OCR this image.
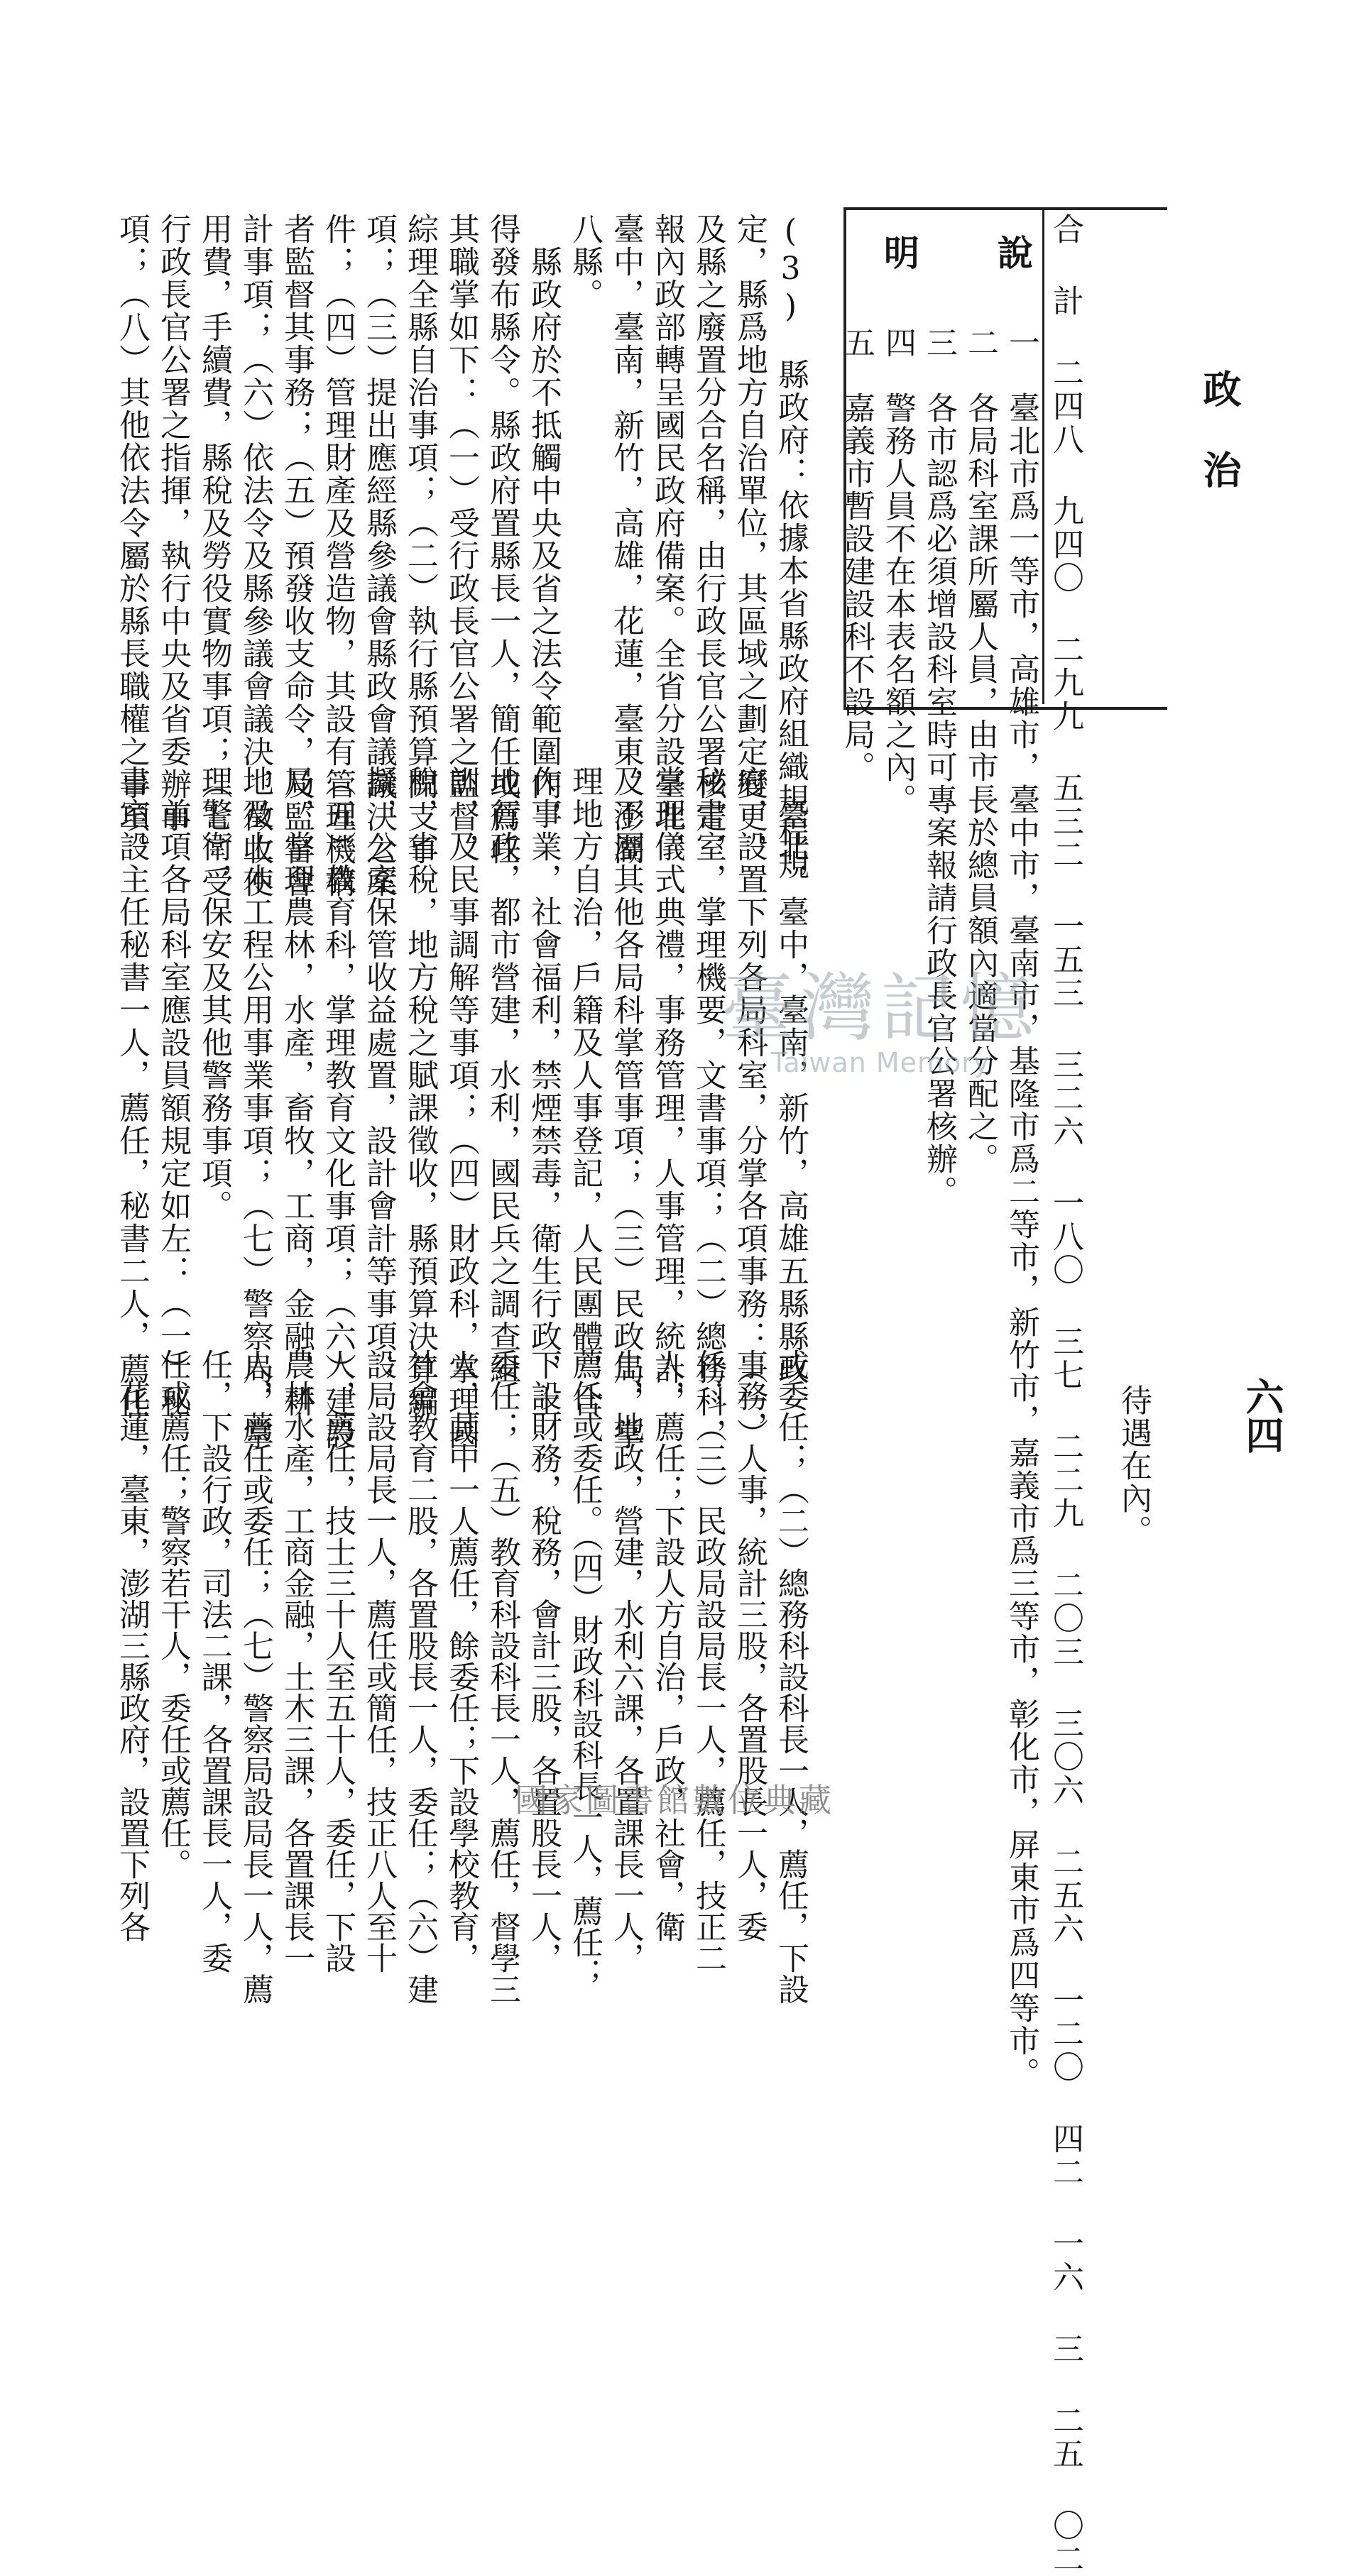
政治

六四

合 計 二四八 九四〇 二九九 五三二 一五三 三二六 一八〇 三七 二二九 二〇三 三〇六 二五六 一二〇 四二 一六 三 二五 〇二 待遇在內。

說

明

一　臺北市爲一等市，高雄市，臺中市，臺南市，基隆市爲二等市，新竹市，嘉義市爲三等市，彰化市，屏東市爲四等市。

二　各局科室課所屬人員，由市長於總員額內適當分配之。

三　各市認爲必須增設科室時可專案報請行政長官公署核辦。

四　警務人員不在本表名額之內。

五　嘉義市暫設建設科不設局。

(3)　縣政府：依據本省縣政府組織規程規

定，縣爲地方自治單位，其區域之劃定變更，

及縣之廢置分合名稱，由行政長官公署核定，

報內政部轉呈國民政府備案。全省分設臺北，

臺中，臺南，新竹，高雄，花蓮，臺東，澎湖

八縣。

　縣政府於不抵觸中央及省之法令範圍內，

得發布縣令。縣政府置縣長一人，簡任或薦任

其職掌如下：（一）受行政長官公署之監督，

綜理全縣自治事項；（二）執行縣預算開支事

項；（三）提出應經縣參議會縣政會議議決之案

件；（四）管理財產及營造物，其設有管理機構

者監督其事務；（五）預發收支命令，及監督會

計事項；（六）依法令及縣參議會議決，徵收使

用費，手續費，縣稅及勞役實物事項；（七）受

行政長官公署之指揮，執行中央及省委辦事

項；（八）其他依法令屬於縣長職權之事項。

　臺北，臺中，臺南，新竹，高雄五縣縣政

府，設置下列各局科室，分掌各項事務：（一）

秘書室，掌理機要，文書事項；（二）總務科，

掌理儀式典禮，事務管理，人事管理，統計，

及不屬其他各局科掌管事項；（三）民政局，掌

理地方自治，戶籍及人事登記，人民團體，合

作事業，社會福利，禁煙禁毒，衛生行政，土

地行政，都市營建，水利，國民兵之調查組

訓，及民事調解等事項；（四）財政科，掌理國

稅，省稅，地方稅之賦課徵收，縣預算決算編

擬，公產保管收益處置，設計會計等事項；

（五）教育科，掌理教育文化事項；（六）建設

局，掌理農林，水產，畜牧，工商，金融，耕

地及土木工程公用事業事項；（七）警察局，掌

理警衛，保安及其他警務事項。

　前項各局科室應設員額規定如左：（一）秘

書室設主任秘書一人，薦任，秘書二人，薦任

或委任；（二）總務科設科長一人，薦任，下設

事務，人事，統計三股，各置股長一人，委

任；（三）民政局設局長一人，薦任，技正二

人，薦任；下設人方自治，戶政，社會，衛

生，地政，營建，水利六課，各置課長一人，

薦任或委任。（四）財政科設科長一人，薦任；

下設財務，稅務，會計三股，各置股長一人，

委任；（五）教育科設科長一人，薦任，督學三

人，其中一人薦任，餘委任；下設學校教育，

社會教育二股，各置股長一人，委任；（六）建

設局設局長一人，薦任或簡任，技正八人至十

人，薦任，技士三十人至五十人，委任，下設

農林水產，工商金融，土木三課，各置課長一

人，薦任或委任；（七）警察局設局長一人，薦

任，下設行政，司法二課，各置課長一人，委

任或薦任；警察若干人，委任或薦任。

　花蓮，臺東，澎湖三縣政府，設置下列各

臺灣記憶
Taiwan Memory

國家圖書館數位典藏
